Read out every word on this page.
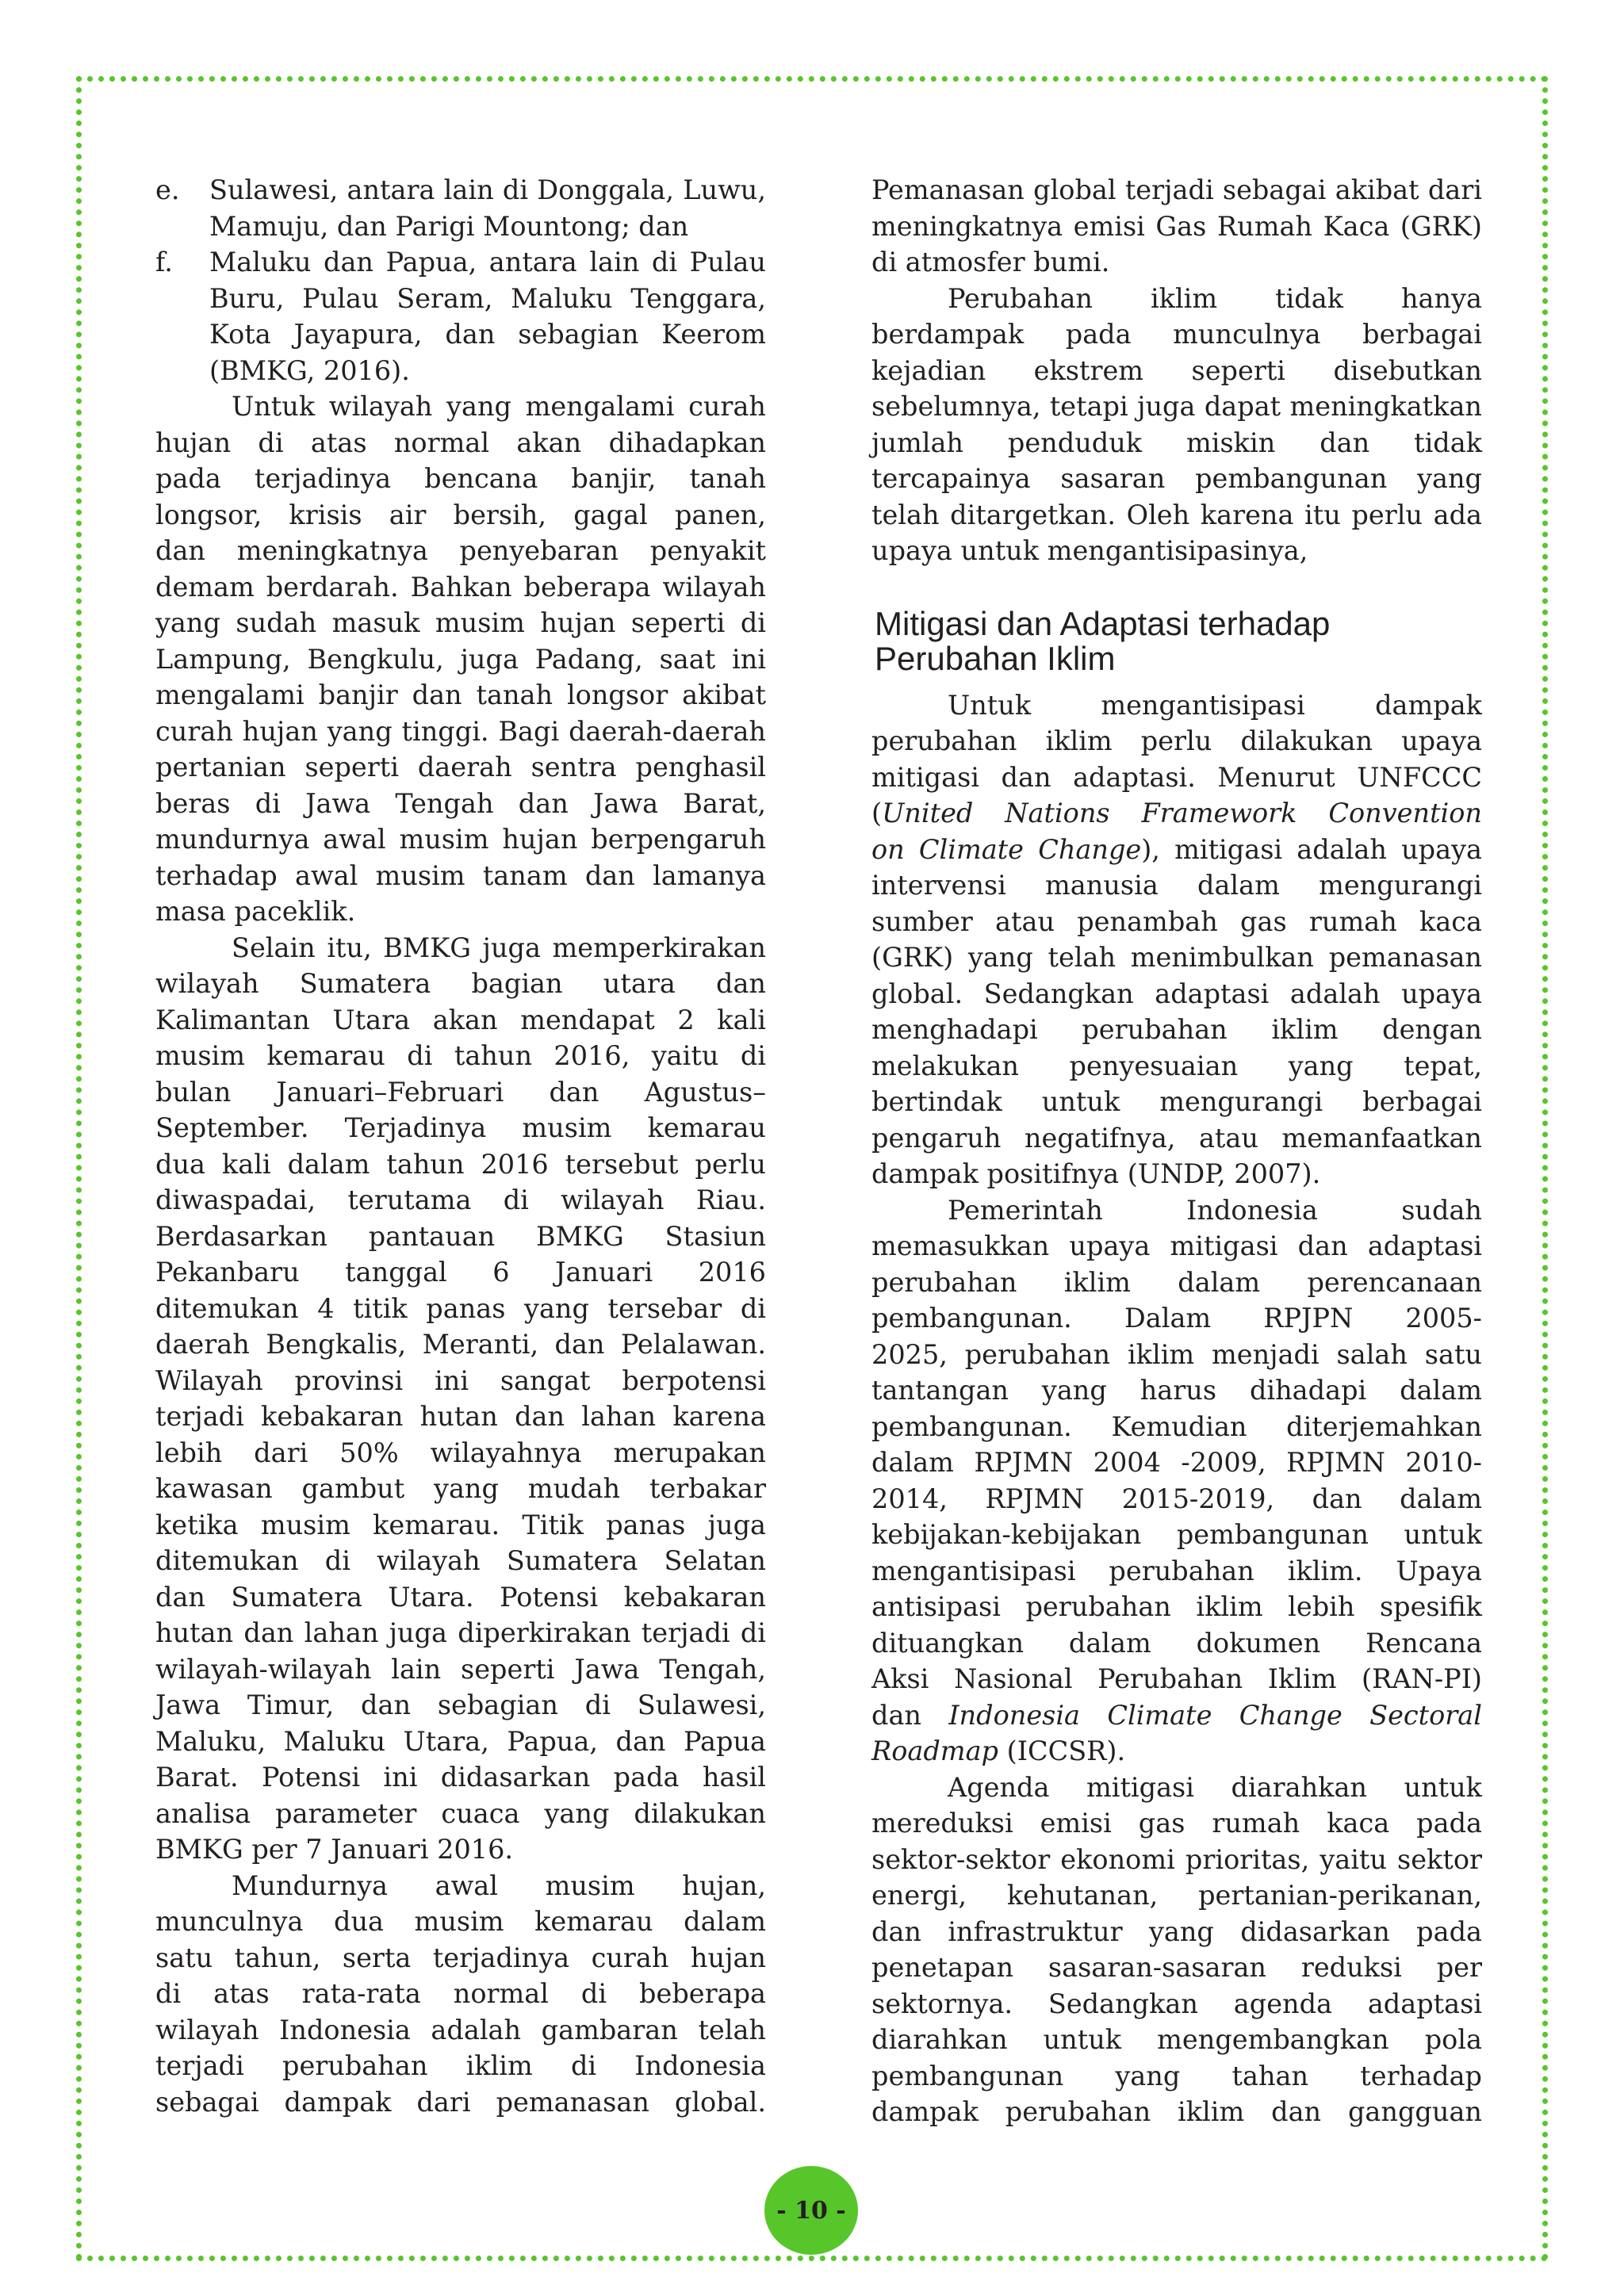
e.	Sulawesi, antara lain di Donggala, Luwu,

Mamuju, dan Parigi Mountong; dan

f.	Maluku dan Papua, antara lain di Pulau

Buru, Pulau Seram, Maluku Tenggara,

Kota Jayapura, dan sebagian Keerom

(BMKG, 2016).

Untuk wilayah yang mengalami curah

hujan di atas normal akan dihadapkan

pada terjadinya bencana banjir, tanah

longsor, krisis air bersih, gagal panen,

dan meningkatnya penyebaran penyakit

demam berdarah. Bahkan beberapa wilayah

yang sudah masuk musim hujan seperti di

Lampung, Bengkulu, juga Padang, saat ini

mengalami banjir dan tanah longsor akibat

curah hujan yang tinggi. Bagi daerah-daerah

pertanian seperti daerah sentra penghasil

beras di Jawa Tengah dan Jawa Barat,

mundurnya awal musim hujan berpengaruh

terhadap awal musim tanam dan lamanya

masa paceklik.

Selain itu, BMKG juga memperkirakan

wilayah Sumatera bagian utara dan

Kalimantan Utara akan mendapat 2 kali

musim kemarau di tahun 2016, yaitu di

bulan Januari–Februari dan Agustus–

September. Terjadinya musim kemarau

dua kali dalam tahun 2016 tersebut perlu

diwaspadai, terutama di wilayah Riau.

Berdasarkan pantauan BMKG Stasiun

Pekanbaru tanggal 6 Januari 2016

ditemukan 4 titik panas yang tersebar di

daerah Bengkalis, Meranti, dan Pelalawan.

Wilayah provinsi ini sangat berpotensi

terjadi kebakaran hutan dan lahan karena

lebih dari 50% wilayahnya merupakan

kawasan gambut yang mudah terbakar

ketika musim kemarau. Titik panas juga

ditemukan di wilayah Sumatera Selatan

dan Sumatera Utara. Potensi kebakaran

hutan dan lahan juga diperkirakan terjadi di

wilayah-wilayah lain seperti Jawa Tengah,

Jawa Timur, dan sebagian di Sulawesi,

Maluku, Maluku Utara, Papua, dan Papua

Barat. Potensi ini didasarkan pada hasil

analisa parameter cuaca yang dilakukan

BMKG per 7 Januari 2016.

Mundurnya awal musim hujan,

munculnya dua musim kemarau dalam

satu tahun, serta terjadinya curah hujan

di atas rata-rata normal di beberapa

wilayah Indonesia adalah gambaran telah

terjadi perubahan iklim di Indonesia

sebagai dampak dari pemanasan global.

Pemanasan global terjadi sebagai akibat dari

meningkatnya emisi Gas Rumah Kaca (GRK)

di atmosfer bumi.

Perubahan iklim tidak hanya

berdampak pada munculnya berbagai

kejadian ekstrem seperti disebutkan

sebelumnya, tetapi juga dapat meningkatkan

jumlah penduduk miskin dan tidak

tercapainya sasaran pembangunan yang

telah ditargetkan. Oleh karena itu perlu ada

upaya untuk mengantisipasinya,

Mitigasi dan Adaptasi terhadap
Perubahan Iklim

Untuk mengantisipasi dampak

perubahan iklim perlu dilakukan upaya

mitigasi dan adaptasi. Menurut UNFCCC

(United Nations Framework Convention

on Climate Change), mitigasi adalah upaya

intervensi manusia dalam mengurangi

sumber atau penambah gas rumah kaca

(GRK) yang telah menimbulkan pemanasan

global. Sedangkan adaptasi adalah upaya

menghadapi perubahan iklim dengan

melakukan penyesuaian yang tepat,

bertindak untuk mengurangi berbagai

pengaruh negatifnya, atau memanfaatkan

dampak positifnya (UNDP, 2007).

Pemerintah Indonesia sudah

memasukkan upaya mitigasi dan adaptasi

perubahan iklim dalam perencanaan

pembangunan. Dalam RPJPN 2005-

2025, perubahan iklim menjadi salah satu

tantangan yang harus dihadapi dalam

pembangunan. Kemudian diterjemahkan

dalam RPJMN 2004 -2009, RPJMN 2010-

2014, RPJMN 2015-2019, dan dalam

kebijakan-kebijakan pembangunan untuk

mengantisipasi perubahan iklim. Upaya

antisipasi perubahan iklim lebih spesifik

dituangkan dalam dokumen Rencana

Aksi Nasional Perubahan Iklim (RAN-PI)

dan Indonesia Climate Change Sectoral

Roadmap (ICCSR).

Agenda mitigasi diarahkan untuk

mereduksi emisi gas rumah kaca pada

sektor-sektor ekonomi prioritas, yaitu sektor

energi, kehutanan, pertanian-perikanan,

dan infrastruktur yang didasarkan pada

penetapan sasaran-sasaran reduksi per

sektornya. Sedangkan agenda adaptasi

diarahkan untuk mengembangkan pola

pembangunan yang tahan terhadap

dampak perubahan iklim dan gangguan

- 10 -
